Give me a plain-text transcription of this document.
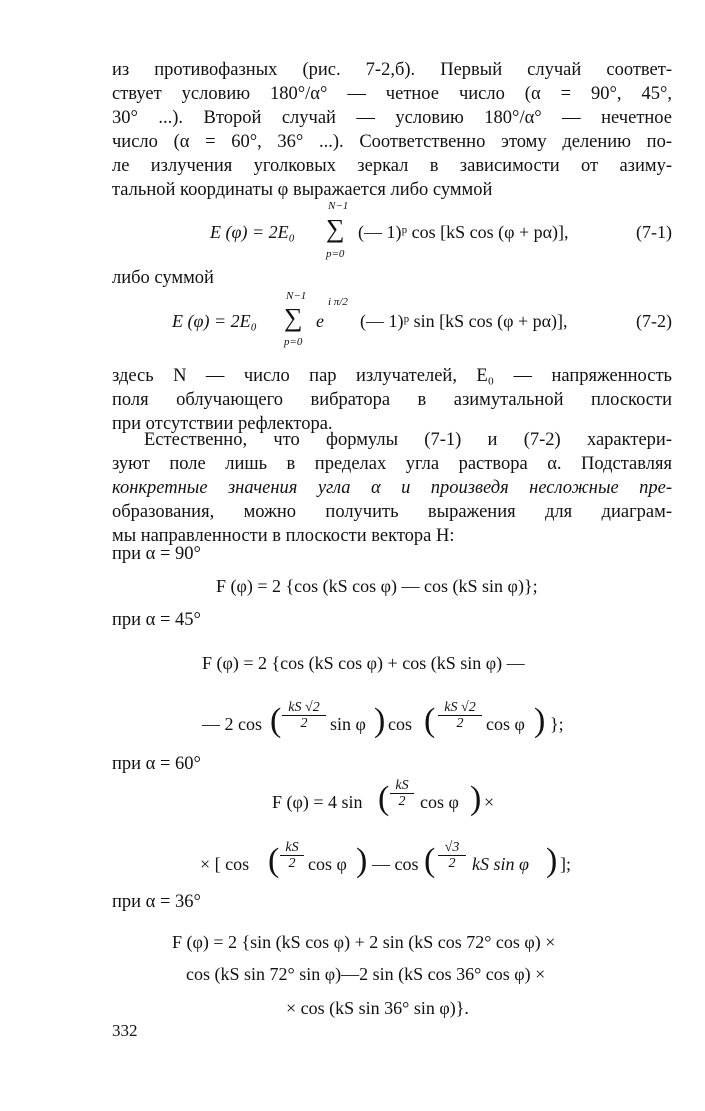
из противофазных (рис. 7-2,б). Первый случай соответ-
ствует условию 180°/α° — четное число (α = 90°, 45°,
30° ...). Второй случай — условию 180°/α° — нечетное
число (α = 60°, 36° ...). Соответственно этому делению по-
ле излучения уголковых зеркал в зависимости от азиму-
тальной координаты φ выражается либо суммой
N−1
E (φ) = 2E₀ ∑ (— 1)ᵖ cos [kS cos (φ + pα)],
p=0
(7-1)
либо суммой
N−1
E (φ) = 2E₀ ∑ e
i π/2
(— 1)ᵖ sin [kS cos (φ + pα)],
p=0
(7-2)
здесь N — число пар излучателей, E₀ — напряженность
поля облучающего вибратора в азимутальной плоскости
при отсутствии рефлектора.
Естественно, что формулы (7-1) и (7-2) характери-
зуют поле лишь в пределах угла раствора α. Подставляя
конкретные значения угла α и произведя несложные пре-
образования, можно получить выражения для диаграм-
мы направленности в плоскости вектора H:
при α = 90°
F (φ) = 2 {cos (kS cos φ) — cos (kS sin φ)};
при α = 45°
F (φ) = 2 {cos (kS cos φ) + cos (kS sin φ) —
— 2 cos ( $\frac{kS √2}{2}$ sin φ ) cos ( $\frac{kS √2}{2}$ cos φ ) };
при α = 60°
F (φ) = 4 sin ( $\frac{kS}{2}$ cos φ ) ×
× [ cos ( $\frac{kS}{2}$ cos φ ) — cos ( $\frac{√3}{2}$ kS sin φ ) ];
при α = 36°
F (φ) = 2 {sin (kS cos φ) + 2 sin (kS cos 72° cos φ) ×
cos (kS sin 72° sin φ)—2 sin (kS cos 36° cos φ) ×
× cos (kS sin 36° sin φ)}.
332
